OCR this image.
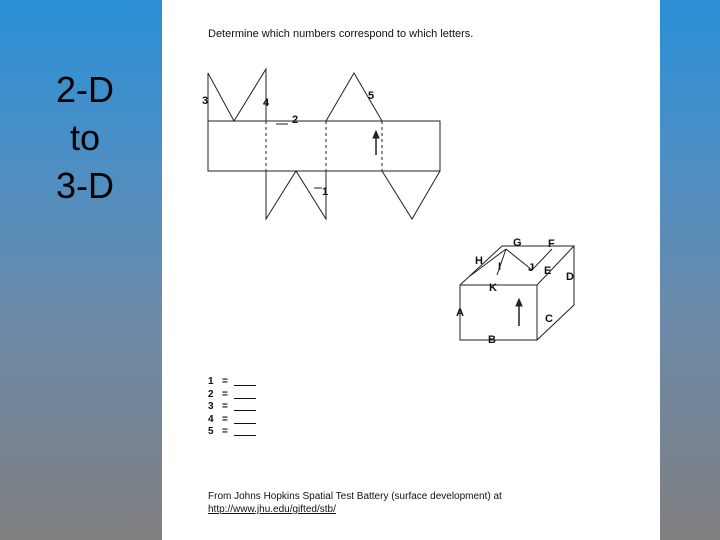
2-D
to
3-D
Determine which numbers correspond to which letters.
3	4
2
5
1
G F
H I J E D
K
A	C
B
1 =
2 =
3 =
4 =
5 =
From Johns Hopkins Spatial Test Battery (surface development) at
http://www.jhu.edu/gifted/stb/
